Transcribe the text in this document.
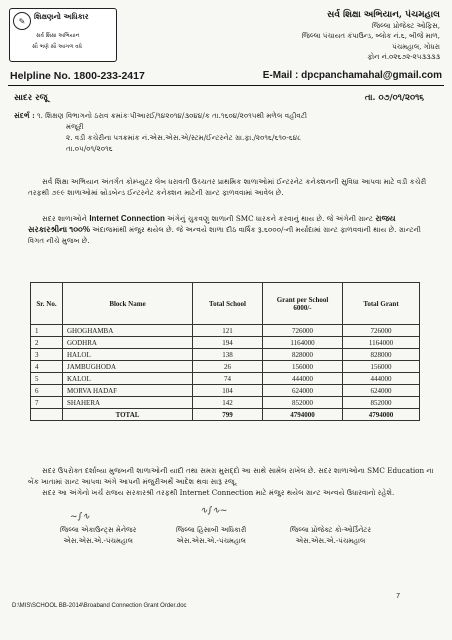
✎	શિક્ષણનો અધિકાર
સર્વ શિક્ષા અભિયાન
સૌ ભણે સૌ આગળ વધે
Helpline No. 1800-233-2417
સર્વ શિક્ષા અભિયાન, પંચમહાલ
જિલ્લા પ્રોજેક્ટ ઓફિસ,
જિલ્લા પંચાયત કંપાઉન્ડ, બ્લોક નં.૬, બીજે માળ,
પંચમહાલ, ગોધરા
ફોન નં.૦૨૬૭૨-૨૫૩૩૩૩
E-Mail : dpcpanchamahal@gmail.com
સાદર રજૂ	તા. ૦૭/૦૧/૨૦૧૬
સંદર્ભ : ૧. શિક્ષણ વિભાગનો ઠરાવ ક્રમાંકઃપીઆરઈ/૧૪૨૦૧૪/૩૦૪૪/ક તા.૧૬૦૪/૨૦૧૫થી મળેલ વહીવટી
મંજૂરી
૨. વડી કચેરીના પત્રક્રમાંક નં.એસ.એસ.એ/સ્ટમ/ઈન્ટરનેટ ગ્રા.ફા./૨૦૧૬/૬૧૦-૬૪૮
તા.૦૫/૦૧/૨૦૧૬
સર્વ શિક્ષા અભિયાન અંતર્ગત કોમ્પ્યુટર લેબ ધરાવતી ઉચ્ચતર પ્રાથમિક શાળાઓમાં ઈન્ટરનેટ કનેક્શનની સુવિધા આપવા માટે વડી કચેરી તરફથી ૭૯૯ શાળાઓમાં બ્રોડબેન્ડ ઈન્ટરનેટ કનેક્શન માટેની ગ્રાન્ટ ફાળવવામાં આવેલ છે.
સદર શાળાઓને Internet Connection અંગેનું ચુકવણુ શાળાની SMC ધારકને કરવાનું થાય છે. જે અંગેની ગ્રાન્ટ રાજય સરકારશ્રીના ૧૦૦% અંદાજમાંથી મંજુર થયેલ છે. જે અન્વયે શાળા દીઠ વાર્ષિક રૂ.૬૦૦૦/-ની મર્યાદામાં ગ્રાન્ટ ફાળવવાની થાય છે. ગ્રાન્ટની વિગત નીચે મુજબ છે.
Sr. No.	Block Name	Total School	Grant per School 6000/-	Total Grant
1	GHOGHAMBA	121	726000	726000
2	GODHRA	194	1164000	1164000
3	HALOL	138	828000	828000
4	JAMBUGHODA	26	156000	156000
5	KALOL	74	444000	444000
6	MORVA HADAF	104	624000	624000
7	SHAHERA	142	852000	852000
	TOTAL	799	4794000	4794000
સદર ઉપરોક્ત દર્શાવ્યા મુજબની શાળાઓની યાદી તથા સમગ્ર મુસદ્દો આ સાથે સામેલ રાખેલ છે. સદર શાળાઓના SMC Education ના બેંક ખાતામાં ગ્રાન્ટ આપવા અંગે આપની મંજુરીઅર્થે આદેશ થવા સારૂ રજૂ.
સદર આ અંગેનો ખર્ચ રાજય સરકારશ્રી તરફથી Internet Connection માટે મંજુર થયેલ ગ્રાન્ટ અન્વયે ઉધારવાનો રહેશે.
~∫∿
∿∫∿~
જિલ્લા એકાઉન્ટ્સ મેનેજર
એસ.એસ.એ.-પંચમહાલ
જિલ્લા હિસાબી અધિકારી
એસ.એસ.એ.-પંચમહાલ
જિલ્લા પ્રોજેક્ટ કો-ઓર્ડિનેટર
એસ.એસ.એ.-પંચમહાલ
7
D:\MIS\SCHOOL BB-2014\Broaband Connection Grant Order.doc
